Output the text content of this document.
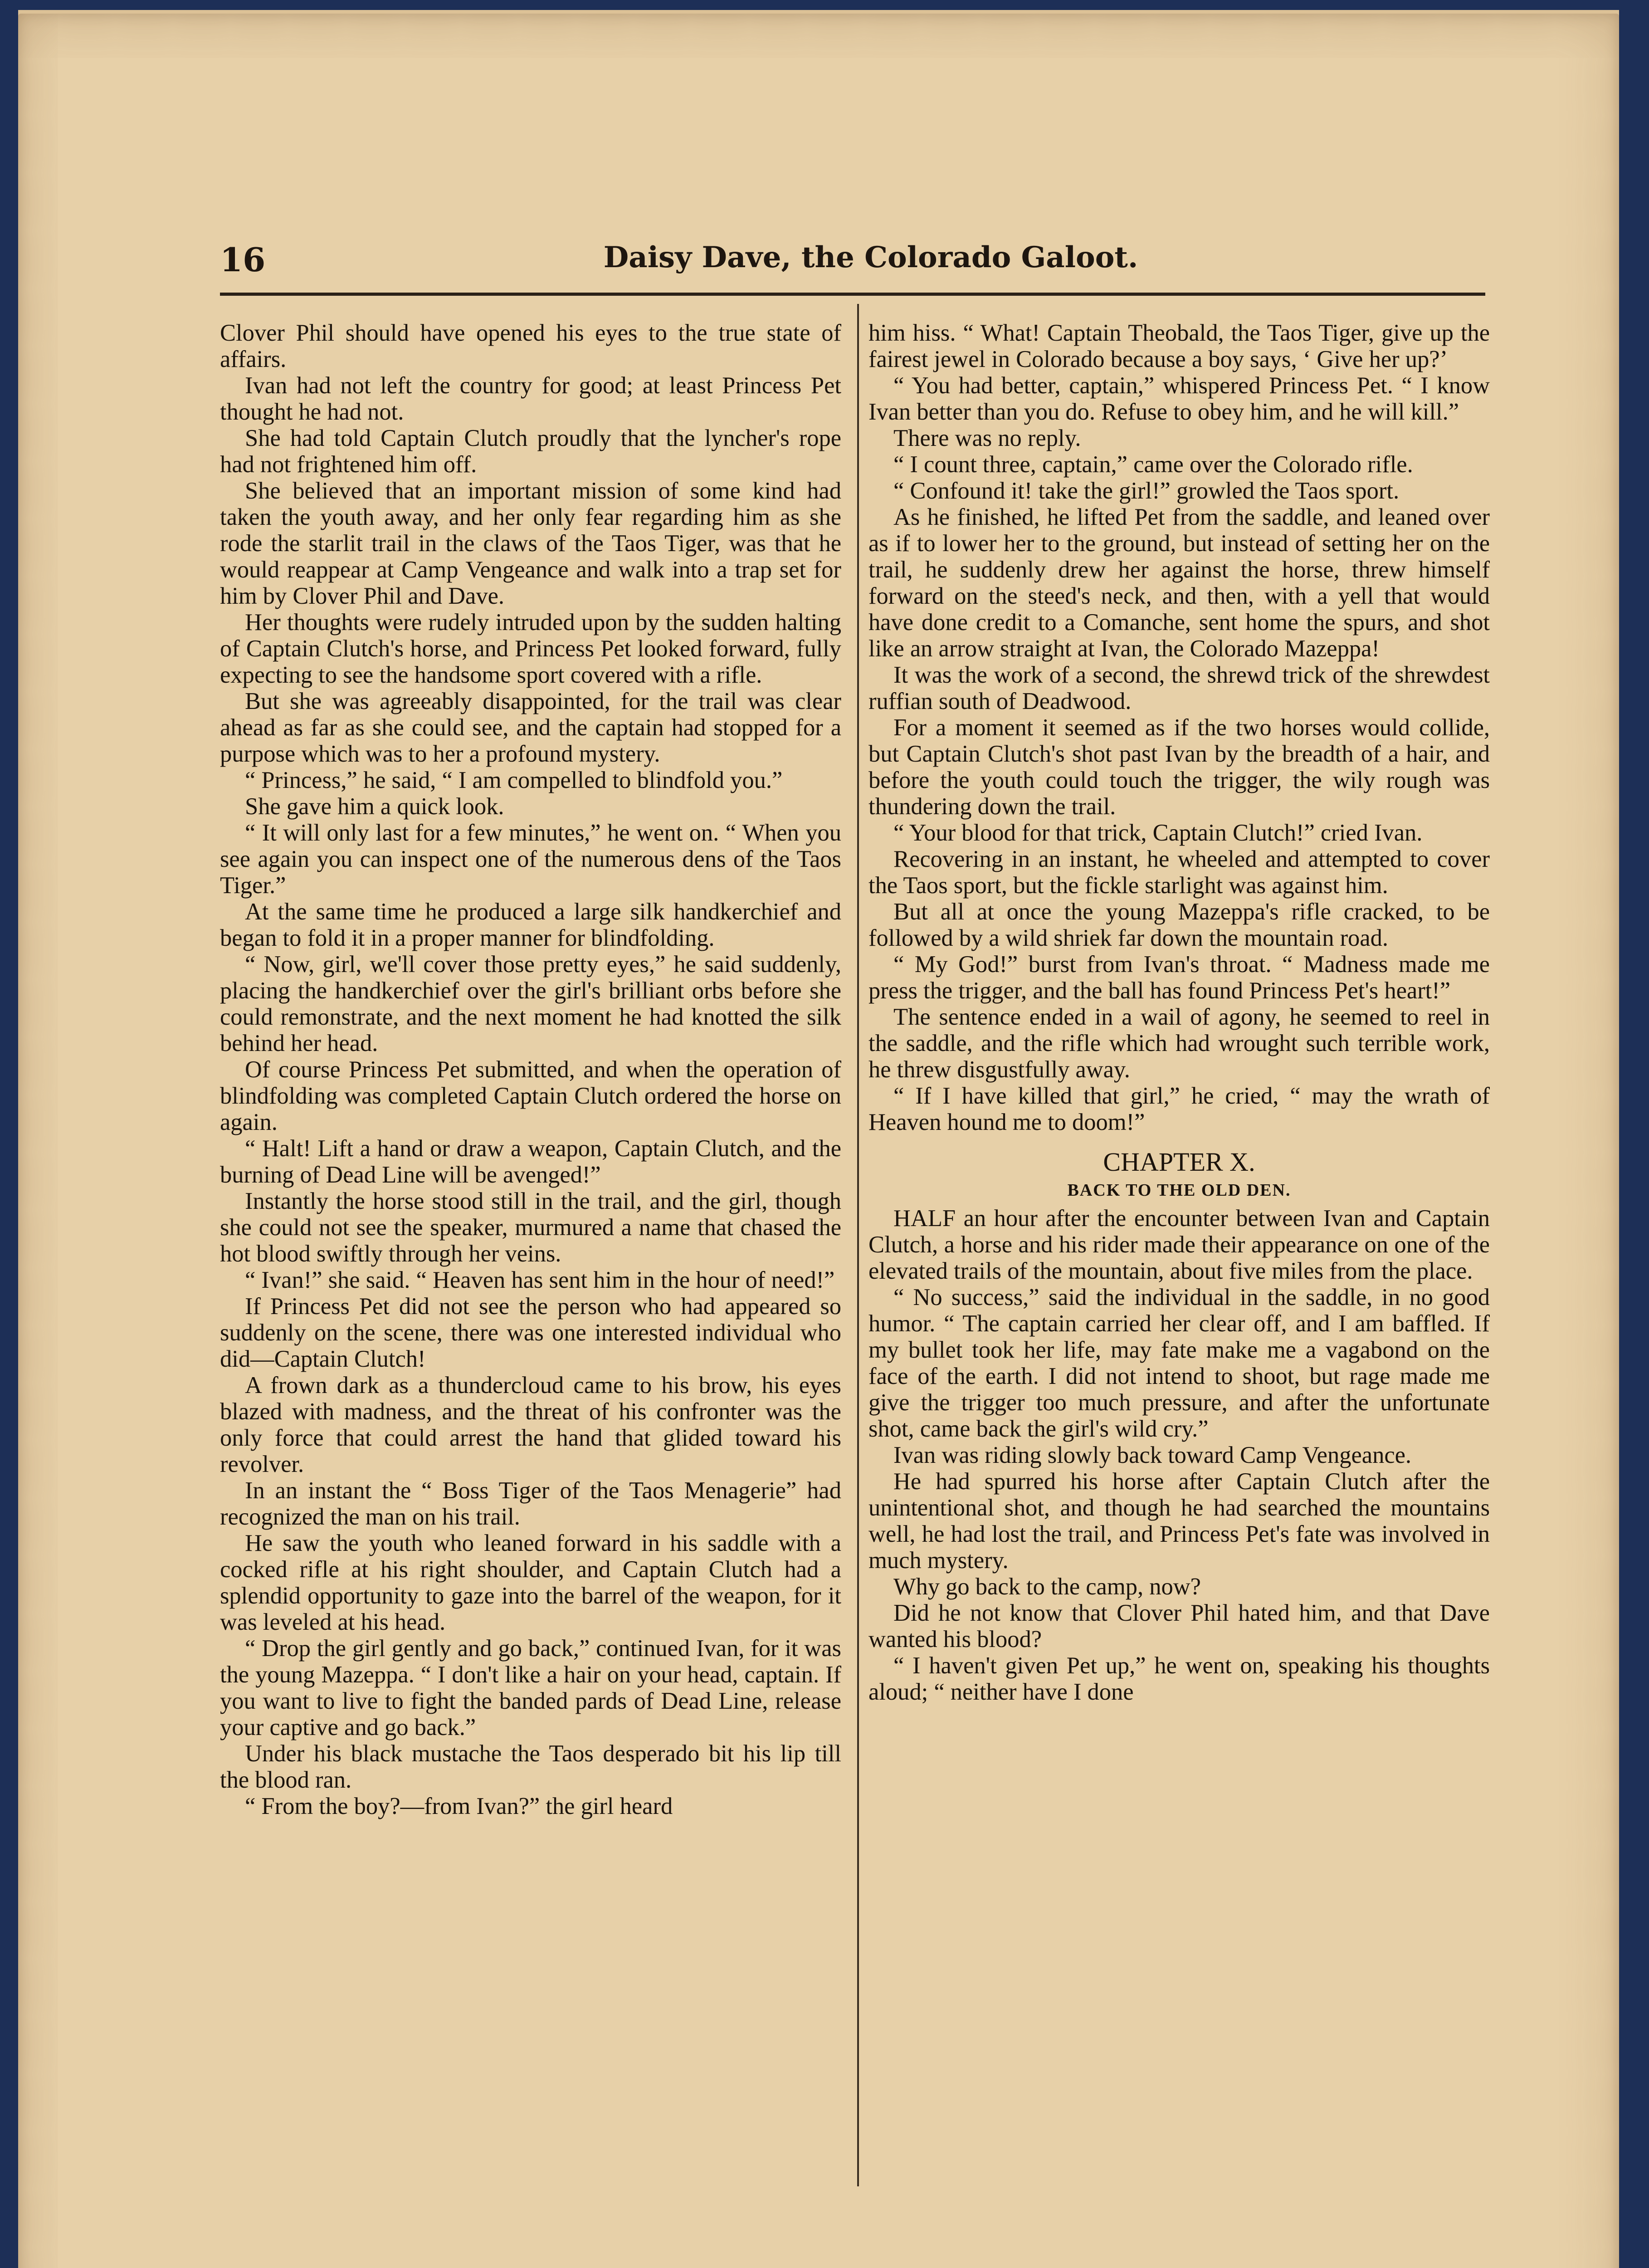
16	Daisy Dave, the Colorado Galoot.

Clover Phil should have opened his eyes to the true state of affairs.

Ivan had not left the country for good; at least Princess Pet thought he had not.

She had told Captain Clutch proudly that the lyncher's rope had not frightened him off.

She believed that an important mission of some kind had taken the youth away, and her only fear regarding him as she rode the starlit trail in the claws of the Taos Tiger, was that he would reappear at Camp Vengeance and walk into a trap set for him by Clover Phil and Dave.

Her thoughts were rudely intruded upon by the sudden halting of Captain Clutch's horse, and Princess Pet looked forward, fully expecting to see the handsome sport covered with a rifle.

But she was agreeably disappointed, for the trail was clear ahead as far as she could see, and the captain had stopped for a purpose which was to her a profound mystery.

“ Princess,” he said, “ I am compelled to blindfold you.”

She gave him a quick look.

“ It will only last for a few minutes,” he went on. “ When you see again you can inspect one of the numerous dens of the Taos Tiger.”

At the same time he produced a large silk handkerchief and began to fold it in a proper manner for blindfolding.

“ Now, girl, we'll cover those pretty eyes,” he said suddenly, placing the handkerchief over the girl's brilliant orbs before she could remonstrate, and the next moment he had knotted the silk behind her head.

Of course Princess Pet submitted, and when the operation of blindfolding was completed Captain Clutch ordered the horse on again.

“ Halt! Lift a hand or draw a weapon, Captain Clutch, and the burning of Dead Line will be avenged!”

Instantly the horse stood still in the trail, and the girl, though she could not see the speaker, murmured a name that chased the hot blood swiftly through her veins.

“ Ivan!” she said. “ Heaven has sent him in the hour of need!”

If Princess Pet did not see the person who had appeared so suddenly on the scene, there was one interested individual who did—Captain Clutch!

A frown dark as a thundercloud came to his brow, his eyes blazed with madness, and the threat of his confronter was the only force that could arrest the hand that glided toward his revolver.

In an instant the “ Boss Tiger of the Taos Menagerie” had recognized the man on his trail.

He saw the youth who leaned forward in his saddle with a cocked rifle at his right shoulder, and Captain Clutch had a splendid opportunity to gaze into the barrel of the weapon, for it was leveled at his head.

“ Drop the girl gently and go back,” continued Ivan, for it was the young Mazeppa. “ I don't like a hair on your head, captain. If you want to live to fight the banded pards of Dead Line, release your captive and go back.”

Under his black mustache the Taos desperado bit his lip till the blood ran.

“ From the boy?—from Ivan?” the girl heard

him hiss. “ What! Captain Theobald, the Taos Tiger, give up the fairest jewel in Colorado because a boy says, ‘ Give her up?’

“ You had better, captain,” whispered Princess Pet. “ I know Ivan better than you do. Refuse to obey him, and he will kill.”

There was no reply.

“ I count three, captain,” came over the Colorado rifle.

“ Confound it! take the girl!” growled the Taos sport.

As he finished, he lifted Pet from the saddle, and leaned over as if to lower her to the ground, but instead of setting her on the trail, he suddenly drew her against the horse, threw himself forward on the steed's neck, and then, with a yell that would have done credit to a Comanche, sent home the spurs, and shot like an arrow straight at Ivan, the Colorado Mazeppa!

It was the work of a second, the shrewd trick of the shrewdest ruffian south of Deadwood.

For a moment it seemed as if the two horses would collide, but Captain Clutch's shot past Ivan by the breadth of a hair, and before the youth could touch the trigger, the wily rough was thundering down the trail.

“ Your blood for that trick, Captain Clutch!” cried Ivan.

Recovering in an instant, he wheeled and attempted to cover the Taos sport, but the fickle starlight was against him.

But all at once the young Mazeppa's rifle cracked, to be followed by a wild shriek far down the mountain road.

“ My God!” burst from Ivan's throat. “ Madness made me press the trigger, and the ball has found Princess Pet's heart!”

The sentence ended in a wail of agony, he seemed to reel in the saddle, and the rifle which had wrought such terrible work, he threw disgustfully away.

“ If I have killed that girl,” he cried, “ may the wrath of Heaven hound me to doom!”

CHAPTER X.
BACK TO THE OLD DEN.

HALF an hour after the encounter between Ivan and Captain Clutch, a horse and his rider made their appearance on one of the elevated trails of the mountain, about five miles from the place.

“ No success,” said the individual in the saddle, in no good humor. “ The captain carried her clear off, and I am baffled. If my bullet took her life, may fate make me a vagabond on the face of the earth. I did not intend to shoot, but rage made me give the trigger too much pressure, and after the unfortunate shot, came back the girl's wild cry.”

Ivan was riding slowly back toward Camp Vengeance.

He had spurred his horse after Captain Clutch after the unintentional shot, and though he had searched the mountains well, he had lost the trail, and Princess Pet's fate was involved in much mystery.

Why go back to the camp, now?

Did he not know that Clover Phil hated him, and that Dave wanted his blood?

“ I haven't given Pet up,” he went on, speaking his thoughts aloud; “ neither have I done
